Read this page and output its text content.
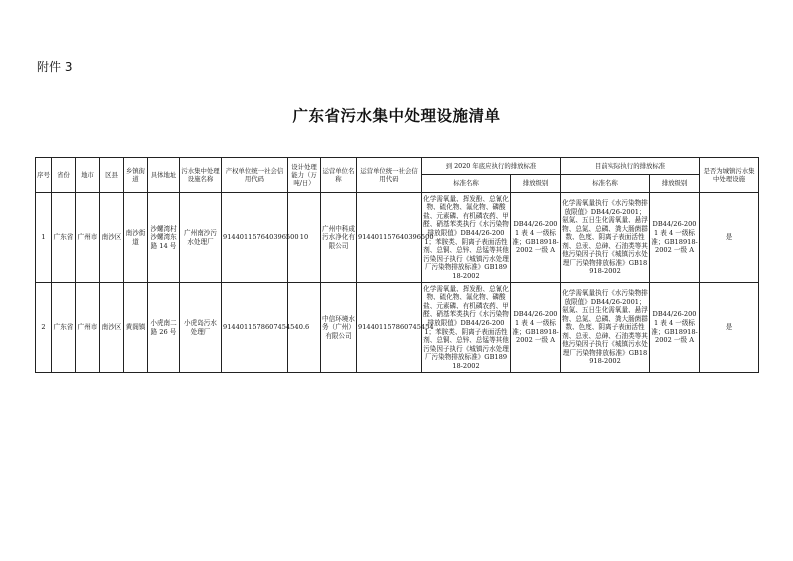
附件 3
广东省污水集中处理设施清单
序号	省份	地市	区县	乡镇街道	具体地址	污水集中处理设施名称	产权单位统一社会信用代码	设计处理能力（万吨/日）	运营单位名称	运营单位统一社会信用代码	到 2020 年底应执行的排放标准		目前实际执行的排放标准		是否为城镇污水集中处理设施
											标准名称	排放级别	标准名称	排放级别	
1	广东省	广州市	南沙区	南沙街道	沙螺湾村沙螺湾东路 14 号	广州南沙污水处理厂	914401157640396500	10	广州中科成污水净化有限公司	914401157640396500	化学需氧量、挥发酚、总氰化物、硫化物、氟化物、磷酸盐、元素磷、有机磷农药、甲醛、硝基苯类执行《水污染物排放限值》DB44/26-2001；苯胺类、阴离子表面活性剂、总铜、总锌、总锰等其他污染因子执行《城镇污水处理厂污染物排放标准》GB18918-2002	DB44/26-2001 表 4 一级标准；GB18918-2002 一级 A	化学需氧量执行《水污染物排放限值》DB44/26-2001；氨氮、五日生化需氧量、悬浮物、总氮、总磷、粪大肠菌群数、色度、阴离子表面活性剂、总汞、总砷、石油类等其他污染因子执行《城镇污水处理厂污染物排放标准》GB18918-2002	DB44/26-2001 表 4 一级标准；GB18918-2002 一级 A	是
2	广东省	广州市	南沙区	黄阁镇	小虎南二路 26 号	小虎岛污水处理厂	914401157860745454	0.6	中信环境水务（广州）有限公司	914401157860745454	化学需氧量、挥发酚、总氰化物、硫化物、氟化物、磷酸盐、元素磷、有机磷农药、甲醛、硝基苯类执行《水污染物排放限值》DB44/26-2001；苯胺类、阴离子表面活性剂、总铜、总锌、总锰等其他污染因子执行《城镇污水处理厂污染物排放标准》GB18918-2002	DB44/26-2001 表 4 一级标准；GB18918-2002 一级 A	化学需氧量执行《水污染物排放限值》DB44/26-2001；氨氮、五日生化需氧量、悬浮物、总氮、总磷、粪大肠菌群数、色度、阴离子表面活性剂、总汞、总砷、石油类等其他污染因子执行《城镇污水处理厂污染物排放标准》GB18918-2002	DB44/26-2001 表 4 一级标准；GB18918-2002 一级 A	是
